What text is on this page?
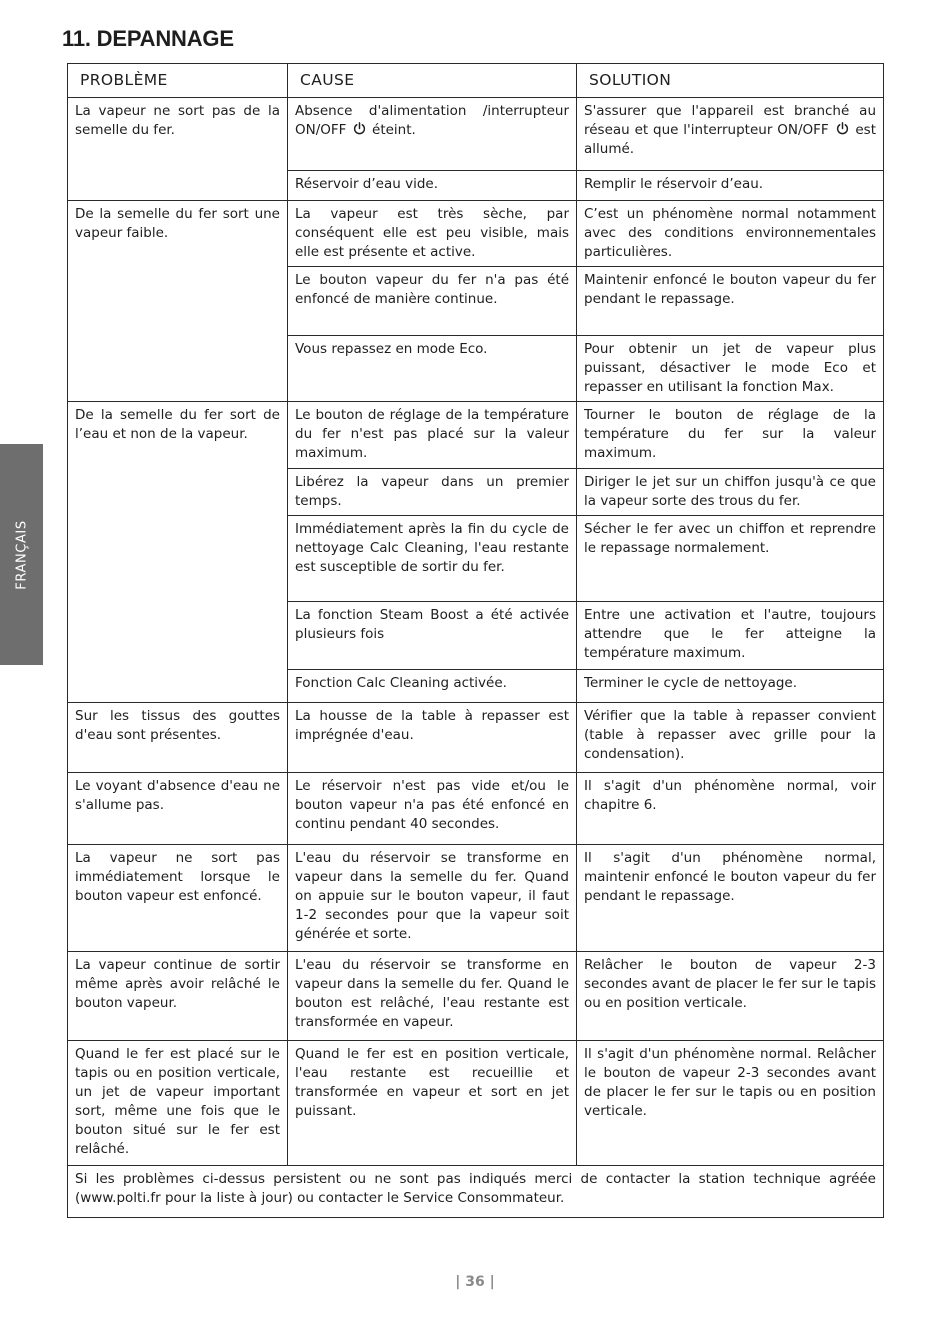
11. DEPANNAGE
FRANÇAIS
PROBLÈME	CAUSE	SOLUTION
La vapeur ne sort pas de la semelle du fer.	Absence d'alimentation /interrupteur ON/OFF éteint.	S'assurer que l'appareil est branché au réseau et que l'interrupteur ON/OFF est allumé.
	Réservoir d’eau vide.	Remplir le réservoir d’eau.
De la semelle du fer sort une vapeur faible.	La vapeur est très sèche, par conséquent elle est peu visible, mais elle est présente et active.	C’est un phénomène normal notamment avec des conditions environnementales particulières.
	Le bouton vapeur du fer n'a pas été enfoncé de manière continue.	Maintenir enfoncé le bouton vapeur du fer pendant le repassage.
	Vous repassez en mode Eco.	Pour obtenir un jet de vapeur plus puissant, désactiver le mode Eco et repasser en utilisant la fonction Max.
De la semelle du fer sort de l’eau et non de la vapeur.	Le bouton de réglage de la température du fer n'est pas placé sur la valeur maximum.	Tourner le bouton de réglage de la température du fer sur la valeur maximum.
	Libérez la vapeur dans un premier temps.	Diriger le jet sur un chiffon jusqu'à ce que la vapeur sorte des trous du fer.
	Immédiatement après la fin du cycle de nettoyage Calc Cleaning, l'eau restante est susceptible de sortir du fer.	Sécher le fer avec un chiffon et reprendre le repassage normalement.
	La fonction Steam Boost a été activée plusieurs fois	Entre une activation et l'autre, toujours attendre que le fer atteigne la température maximum.
	Fonction Calc Cleaning activée.	Terminer le cycle de nettoyage.
Sur les tissus des gouttes d'eau sont présentes.	La housse de la table à repasser est imprégnée d'eau.	Vérifier que la table à repasser convient (table à repasser avec grille pour la condensation).
Le voyant d'absence d'eau ne s'allume pas.	Le réservoir n'est pas vide et/ou le bouton vapeur n'a pas été enfoncé en continu pendant 40 secondes.	Il s'agit d'un phénomène normal, voir chapitre 6.
La vapeur ne sort pas immédiatement lorsque le bouton vapeur est enfoncé.	L'eau du réservoir se transforme en vapeur dans la semelle du fer. Quand on appuie sur le bouton vapeur, il faut 1-2 secondes pour que la vapeur soit générée et sorte.	Il s'agit d'un phénomène normal, maintenir enfoncé le bouton vapeur du fer pendant le repassage.
La vapeur continue de sortir même après avoir relâché le bouton vapeur.	L'eau du réservoir se transforme en vapeur dans la semelle du fer. Quand le bouton est relâché, l'eau restante est transformée en vapeur.	Relâcher le bouton de vapeur 2-3 secondes avant de placer le fer sur le tapis ou en position verticale.
Quand le fer est placé sur le tapis ou en position verticale, un jet de vapeur important sort, même une fois que le bouton situé sur le fer est relâché.	Quand le fer est en position verticale, l'eau restante est recueillie et transformée en vapeur et sort en jet puissant.	Il s'agit d'un phénomène normal. Relâcher le bouton de vapeur 2-3 secondes avant de placer le fer sur le tapis ou en position verticale.
Si les problèmes ci-dessus persistent ou ne sont pas indiqués merci de contacter la station technique agréée (www.polti.fr pour la liste à jour) ou contacter le Service Consommateur.		
| 36 |
